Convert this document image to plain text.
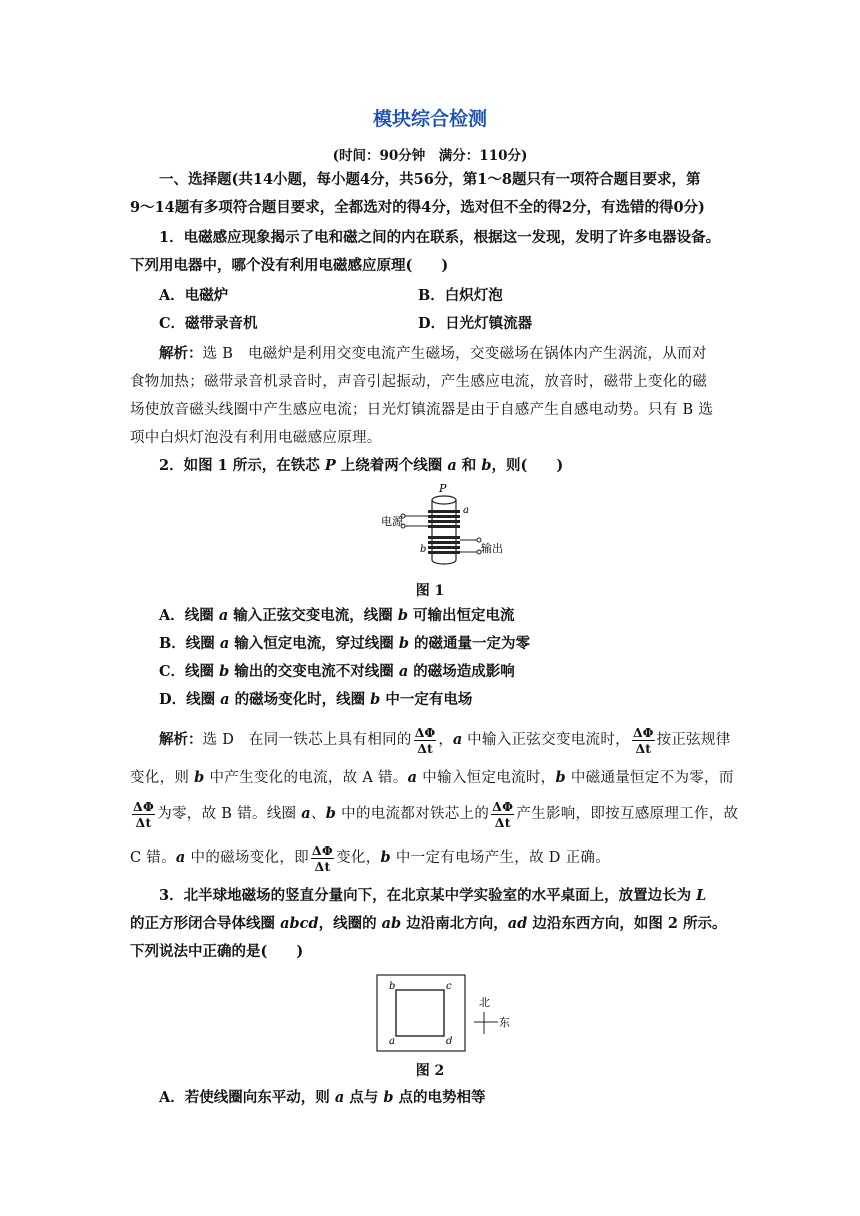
模块综合检测
(时间：90分钟　满分：110分)
一、选择题(共14小题，每小题4分，共56分，第1～8题只有一项符合题目要求，第
9～14题有多项符合题目要求，全都选对的得4分，选对但不全的得2分，有选错的得0分)
1．电磁感应现象揭示了电和磁之间的内在联系，根据这一发现，发明了许多电器设备。
下列用电器中，哪个没有利用电磁感应原理(　　)
A．电磁炉	B．白炽灯泡
C．磁带录音机	D．日光灯镇流器
解析：选 B　电磁炉是利用交变电流产生磁场，交变磁场在锅体内产生涡流，从而对
食物加热；磁带录音机录音时，声音引起振动，产生感应电流，放音时，磁带上变化的磁
场使放音磁头线圈中产生感应电流；日光灯镇流器是由于自感产生自感电动势。只有 B 选
项中白炽灯泡没有利用电磁感应原理。
2．如图 1 所示，在铁芯 P 上绕着两个线圈 a 和 b，则(　　)
P
电源
a
b	输出
图 1
A．线圈 a 输入正弦交变电流，线圈 b 可输出恒定电流
B．线圈 a 输入恒定电流，穿过线圈 b 的磁通量一定为零
C．线圈 b 输出的交变电流不对线圈 a 的磁场造成影响
D．线圈 a 的磁场变化时，线圈 b 中一定有电场
解析：选 D　在同一铁芯上具有相同的 $\frac{\Delta\Phi}{\Delta t}$ ，a 中输入正弦交变电流时， $\frac{\Delta\Phi}{\Delta t}$ 按正弦规律
变化，则 b 中产生变化的电流，故 A 错。a 中输入恒定电流时，b 中磁通量恒定不为零，而
$\frac{\Delta\Phi}{\Delta t}$ 为零，故 B 错。线圈 a、b 中的电流都对铁芯上的 $\frac{\Delta\Phi}{\Delta t}$ 产生影响，即按互感原理工作，故
C 错。a 中的磁场变化，即 $\frac{\Delta\Phi}{\Delta t}$ 变化，b 中一定有电场产生，故 D 正确。
3．北半球地磁场的竖直分量向下，在北京某中学实验室的水平桌面上，放置边长为 L
的正方形闭合导体线圈 abcd，线圈的 ab 边沿南北方向，ad 边沿东西方向，如图 2 所示。
下列说法中正确的是(　　)
b	c
a	d
北
东
图 2
A．若使线圈向东平动，则 a 点与 b 点的电势相等
